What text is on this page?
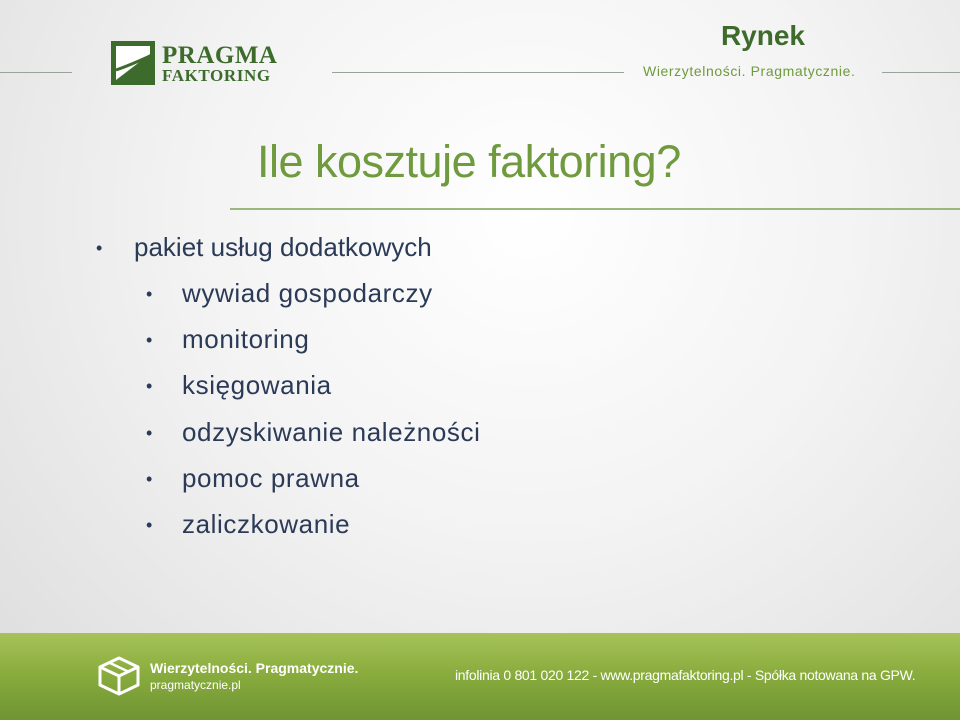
PRAGMA
FAKTORING
Rynek
Wierzytelności. Pragmatycznie.
Ile kosztuje faktoring?
• pakiet usług dodatkowych
• wywiad gospodarczy
• monitoring
• księgowania
• odzyskiwanie należności
• pomoc prawna
• zaliczkowanie
Wierzytelności. Pragmatycznie.
pragmatycznie.pl
infolinia 0 801 020 122 - www.pragmafaktoring.pl - Spółka notowana na GPW.
